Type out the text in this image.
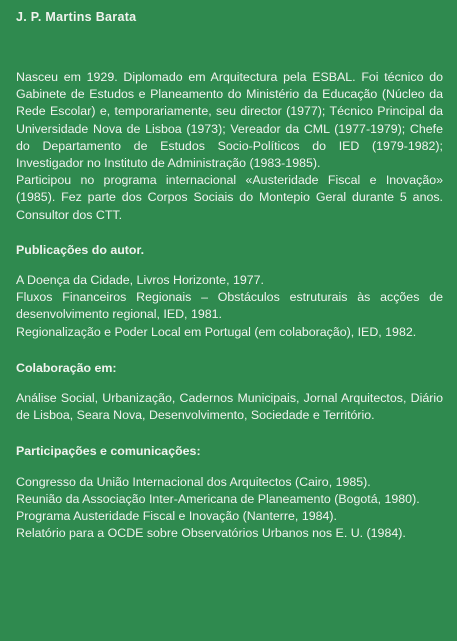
J. P. Martins Barata

Nasceu em 1929. Diplomado em Arquitectura pela ESBAL. Foi técnico do Gabinete de Estudos e Planeamento do Ministério da Educação (Núcleo da Rede Escolar) e, temporariamente, seu director (1977); Técnico Principal da Universidade Nova de Lisboa (1973); Vereador da CML (1977-1979); Chefe do Departamento de Estudos Socio-Políticos do IED (1979-1982); Investigador no Instituto de Administração (1983-1985).

Participou no programa internacional «Austeridade Fiscal e Inovação» (1985). Fez parte dos Corpos Sociais do Montepio Geral durante 5 anos. Consultor dos CTT.

Publicações do autor.

A Doença da Cidade, Livros Horizonte, 1977.

Fluxos Financeiros Regionais – Obstáculos estruturais às acções de desenvolvimento regional, IED, 1981.

Regionalização e Poder Local em Portugal (em colaboração), IED, 1982.

Colaboração em:

Análise Social, Urbanização, Cadernos Municipais, Jornal Arquitectos, Diário de Lisboa, Seara Nova, Desenvolvimento, Sociedade e Território.

Participações e comunicações:

Congresso da União Internacional dos Arquitectos (Cairo, 1985).

Reunião da Associação Inter-Americana de Planeamento (Bogotá, 1980).

Programa Austeridade Fiscal e Inovação (Nanterre, 1984).

Relatório para a OCDE sobre Observatórios Urbanos nos E. U. (1984).
